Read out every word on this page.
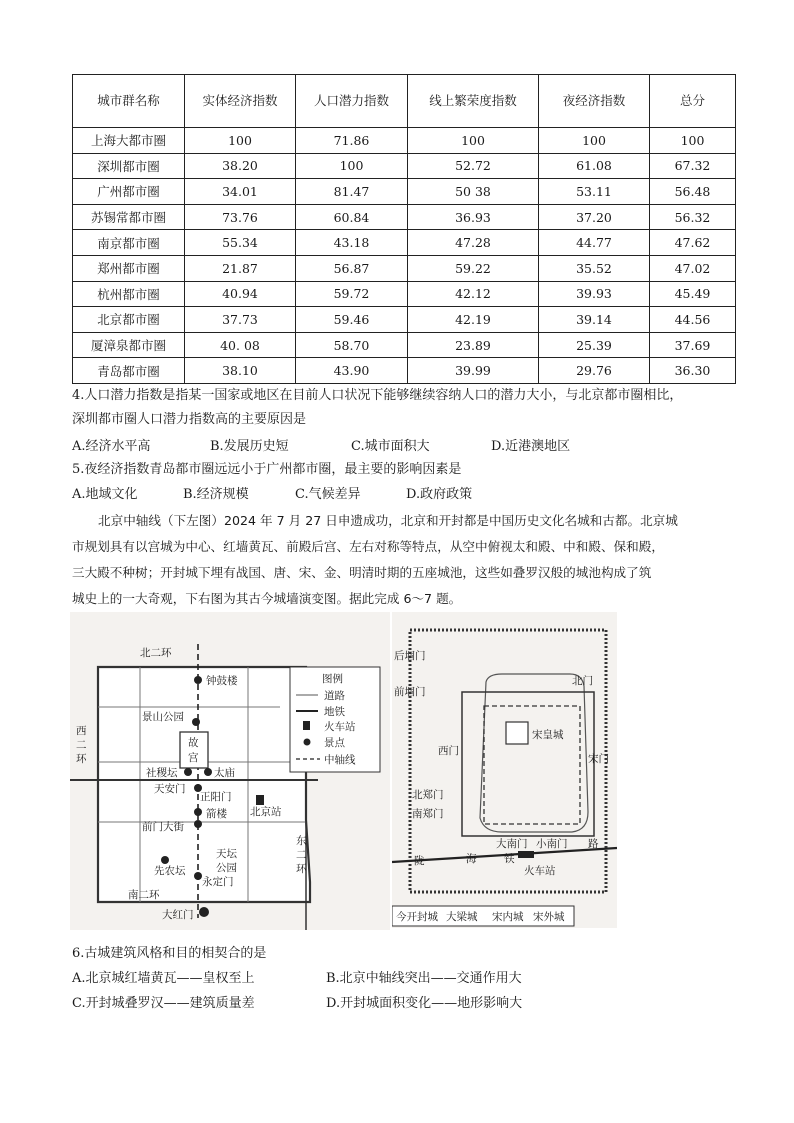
城市群名称	实体经济指数	人口潜力指数	线上繁荣度指数	夜经济指数	总分
上海大都市圈	100	71.86	100	100	100
深圳都市圈	38.20	100	52.72	61.08	67.32
广州都市圈	34.01	81.47	50 38	53.11	56.48
苏锡常都市圈	73.76	60.84	36.93	37.20	56.32
南京都市圈	55.34	43.18	47.28	44.77	47.62
郑州都市圈	21.87	56.87	59.22	35.52	47.02
杭州都市圈	40.94	59.72	42.12	39.93	45.49
北京都市圈	37.73	59.46	42.19	39.14	44.56
厦漳泉都市圈	40. 08	58.70	23.89	25.39	37.69
青岛都市圈	38.10	43.90	39.99	29.76	36.30
4.人口潜力指数是指某一国家或地区在目前人口状况下能够继续容纳人口的潜力大小，与北京都市圈相比，
深圳都市圈人口潜力指数高的主要原因是
A.经济水平高	B.发展历史短	C.城市面积大	D.近港澳地区
5.夜经济指数青岛都市圈远远小于广州都市圈，最主要的影响因素是
A.地域文化	B.经济规模	C.气候差异	D.政府政策
北京中轴线（下左图）2024 年 7 月 27 日申遗成功，北京和开封都是中国历史文化名城和古都。北京城
市规划具有以宫城为中心、红墙黄瓦、前殿后宫、左右对称等特点，从空中俯视太和殿、中和殿、保和殿，
三大殿不种树；开封城下埋有战国、唐、宋、金、明清时期的五座城池，这些如叠罗汉般的城池构成了筑
城史上的一大奇观，下右图为其古今城墙演变图。据此完成 6～7 题。
北二环
钟鼓楼
景山公园
故
宫
西
二
环
社稷坛	太庙
天安门
正阳门
北京站
箭楼
前门大街
先农坛
天坛
公园
永定门
东
二
环
南二环
大红门
图例
道路
地铁
火车站
景点
中轴线
后堌门
前堌门
北门
宋皇城
西门
宋门
北郑门
南郑门
大南门 小南门 路
陇	海	铁
火车站
今开封城 大梁城 宋内城 宋外城
6.古城建筑风格和目的相契合的是
A.北京城红墙黄瓦——皇权至上	B.北京中轴线突出——交通作用大
C.开封城叠罗汉——建筑质量差	D.开封城面积变化——地形影响大
